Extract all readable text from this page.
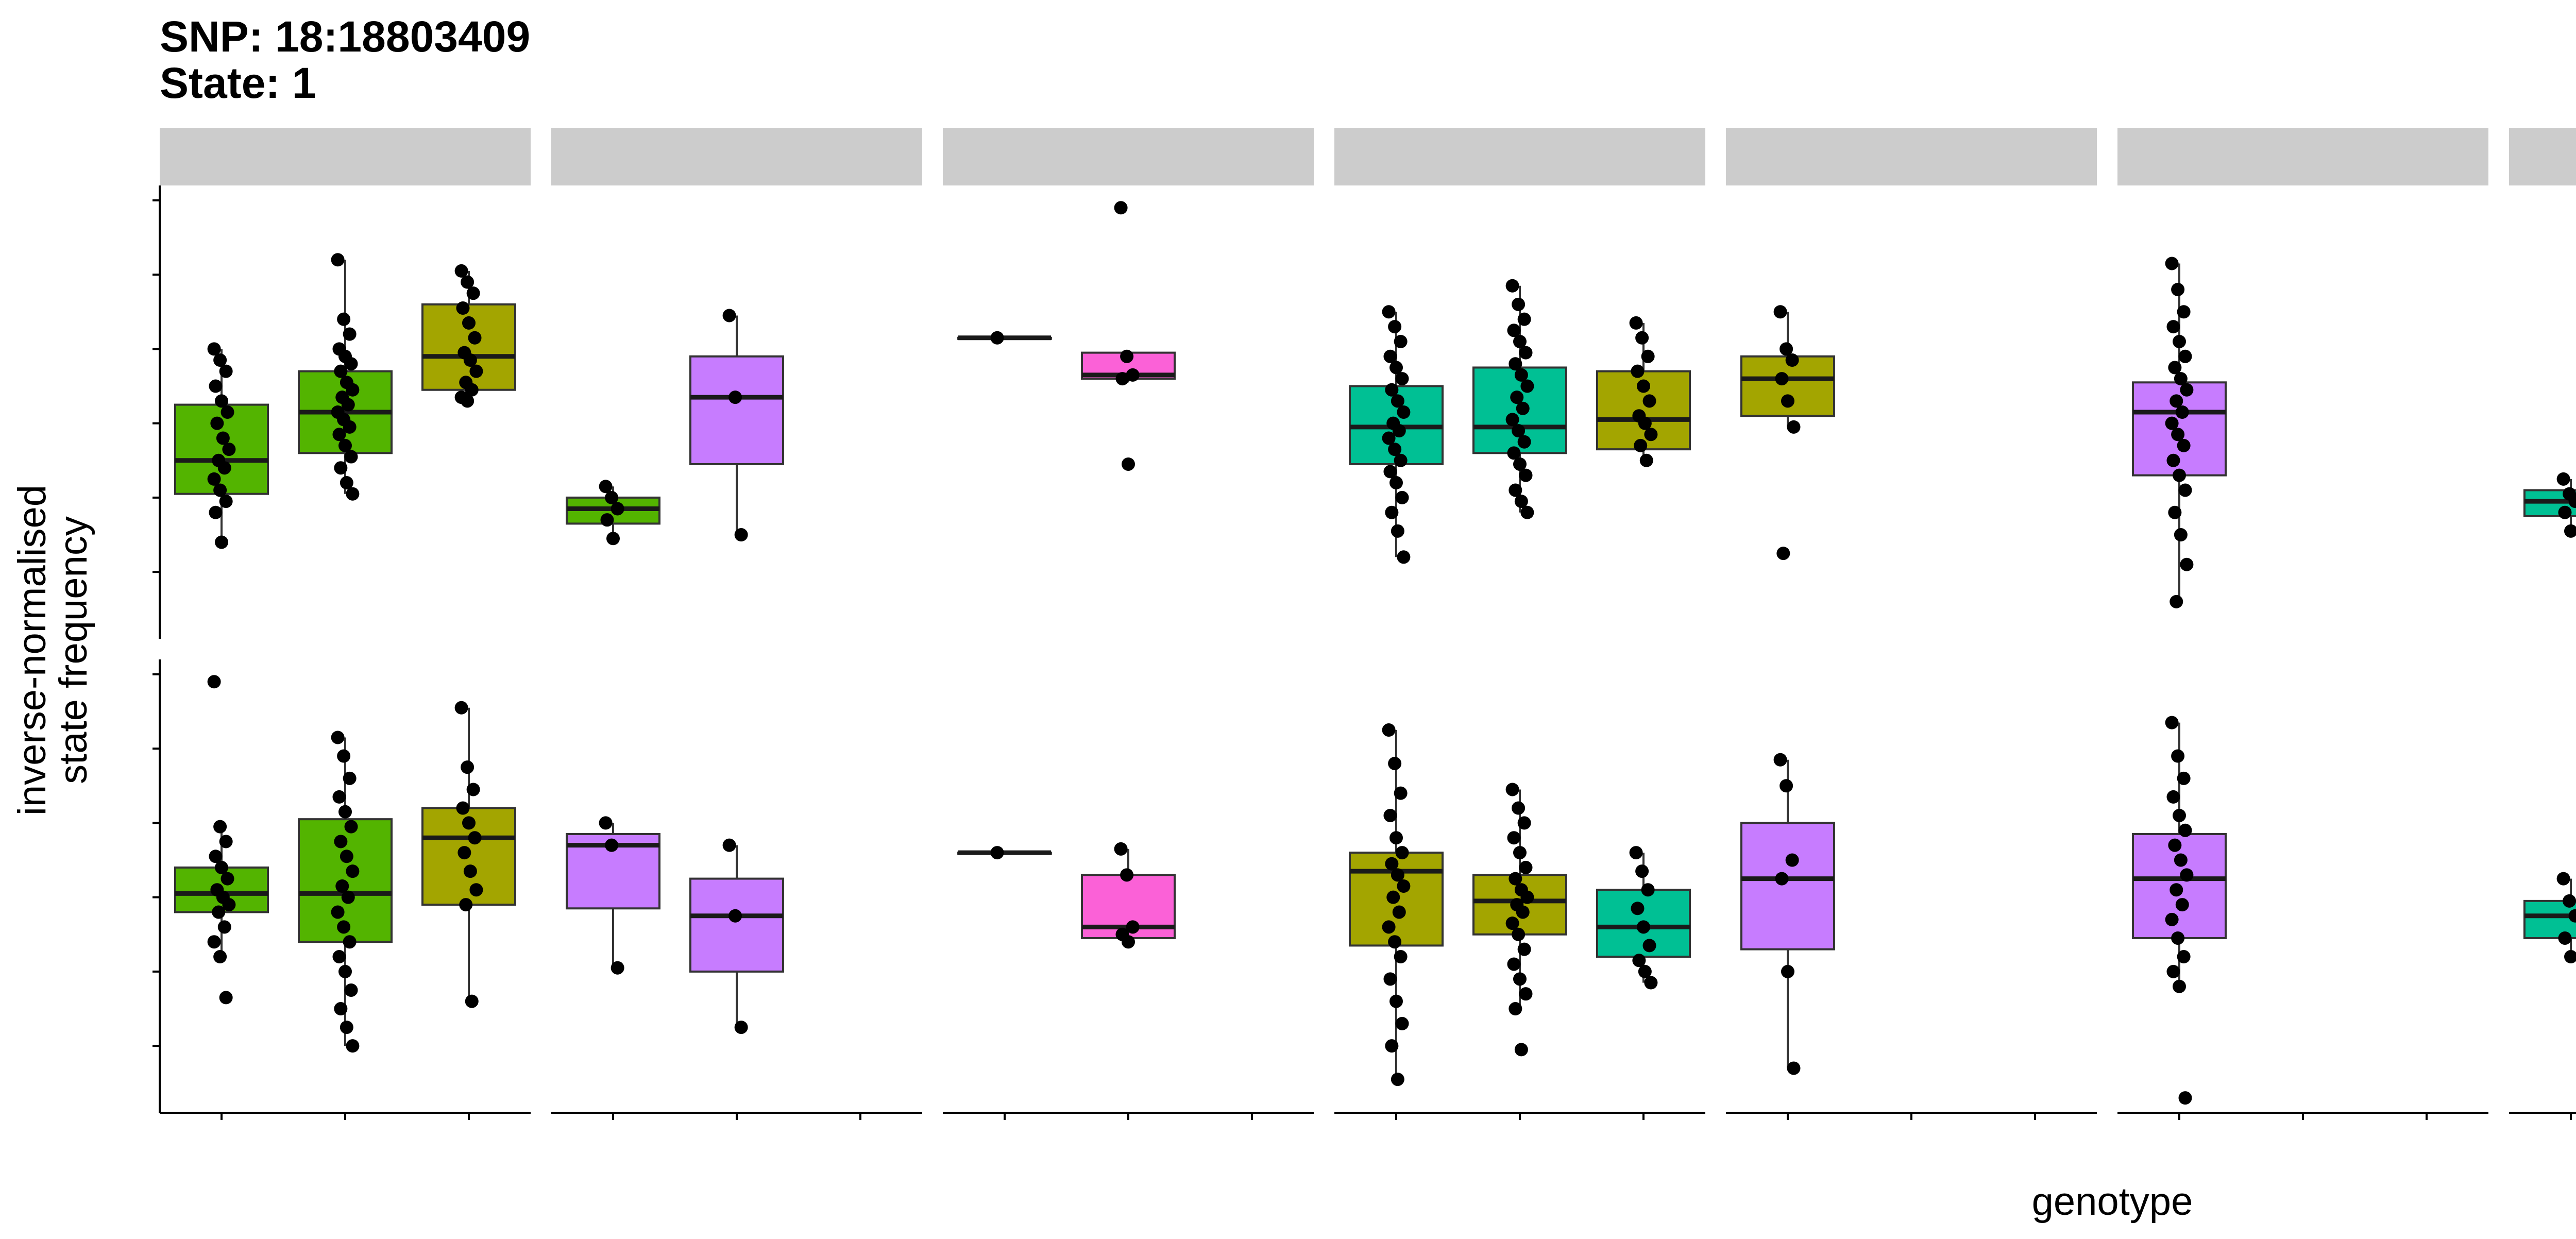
SNP: 18:18803409
State: 1
genotype
inverse-normalised
state frequency
